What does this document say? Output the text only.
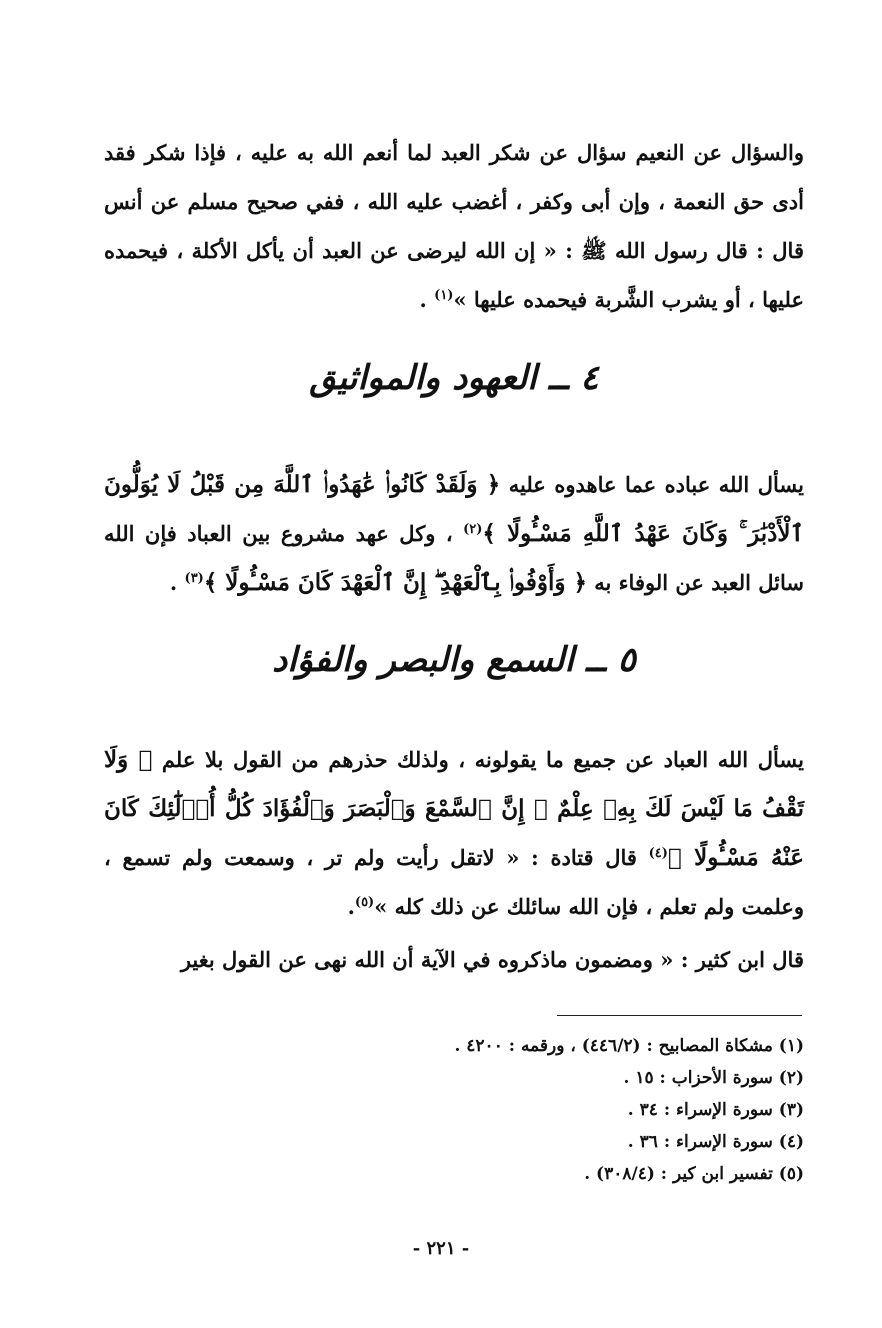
والسؤال عن النعيم سؤال عن شكر العبد لما أنعم الله به عليه ، فإذا شكر فقد أدى حق النعمة ، وإن أبى وكفر ، أغضب عليه الله ، ففي صحيح مسلم عن أنس قال : قال رسول الله ﷺ : « إن الله ليرضى عن العبد أن يأكل الأكلة ، فيحمده عليها ، أو يشرب الشَّربة فيحمده عليها »$^{(١)}$ .
٤ ــ العهود والمواثيق
يسأل الله عباده عما عاهدوه عليه ﴿ وَلَقَدْ كَانُوا۟ عَٰهَدُوا۟ ٱللَّهَ مِن قَبْلُ لَا يُوَلُّونَ ٱلْأَدْبَٰرَ ۚ وَكَانَ عَهْدُ ٱللَّهِ مَسْـُٔولًا ﴾$^{(٢)}$ ، وكل عهد مشروع بين العباد فإن الله سائل العبد عن الوفاء به ﴿ وَأَوْفُوا۟ بِٱلْعَهْدِ ۖ إِنَّ ٱلْعَهْدَ كَانَ مَسْـُٔولًا ﴾$^{(٣)}$ .
٥ ــ السمع والبصر والفؤاد
يسأل الله العباد عن جميع ما يقولونه ، ولذلك حذرهم من القول بلا علم ﴿ وَلَا تَقْفُ مَا لَيْسَ لَكَ بِهِۦ عِلْمٌ ۚ إِنَّ ٱلسَّمْعَ وَٱلْبَصَرَ وَٱلْفُؤَادَ كُلُّ أُو۟لَٰٓئِكَ كَانَ عَنْهُ مَسْـُٔولًا ﴾$^{(٤)}$ قال قتادة : « لاتقل رأيت ولم تر ، وسمعت ولم تسمع ، وعلمت ولم تعلم ، فإن الله سائلك عن ذلك كله »$^{(٥)}$.
قال ابن كثير : « ومضمون ماذكروه في الآية أن الله نهى عن القول بغير
(١) مشكاة المصابيح : (٤٤٦/٢) ، ورقمه : ٤٢٠٠ .
(٢) سورة الأحزاب : ١٥ .
(٣) سورة الإسراء : ٣٤ .
(٤) سورة الإسراء : ٣٦ .
(٥) تفسير ابن كير : (٣٠٨/٤) .
- ٢٢١ -
